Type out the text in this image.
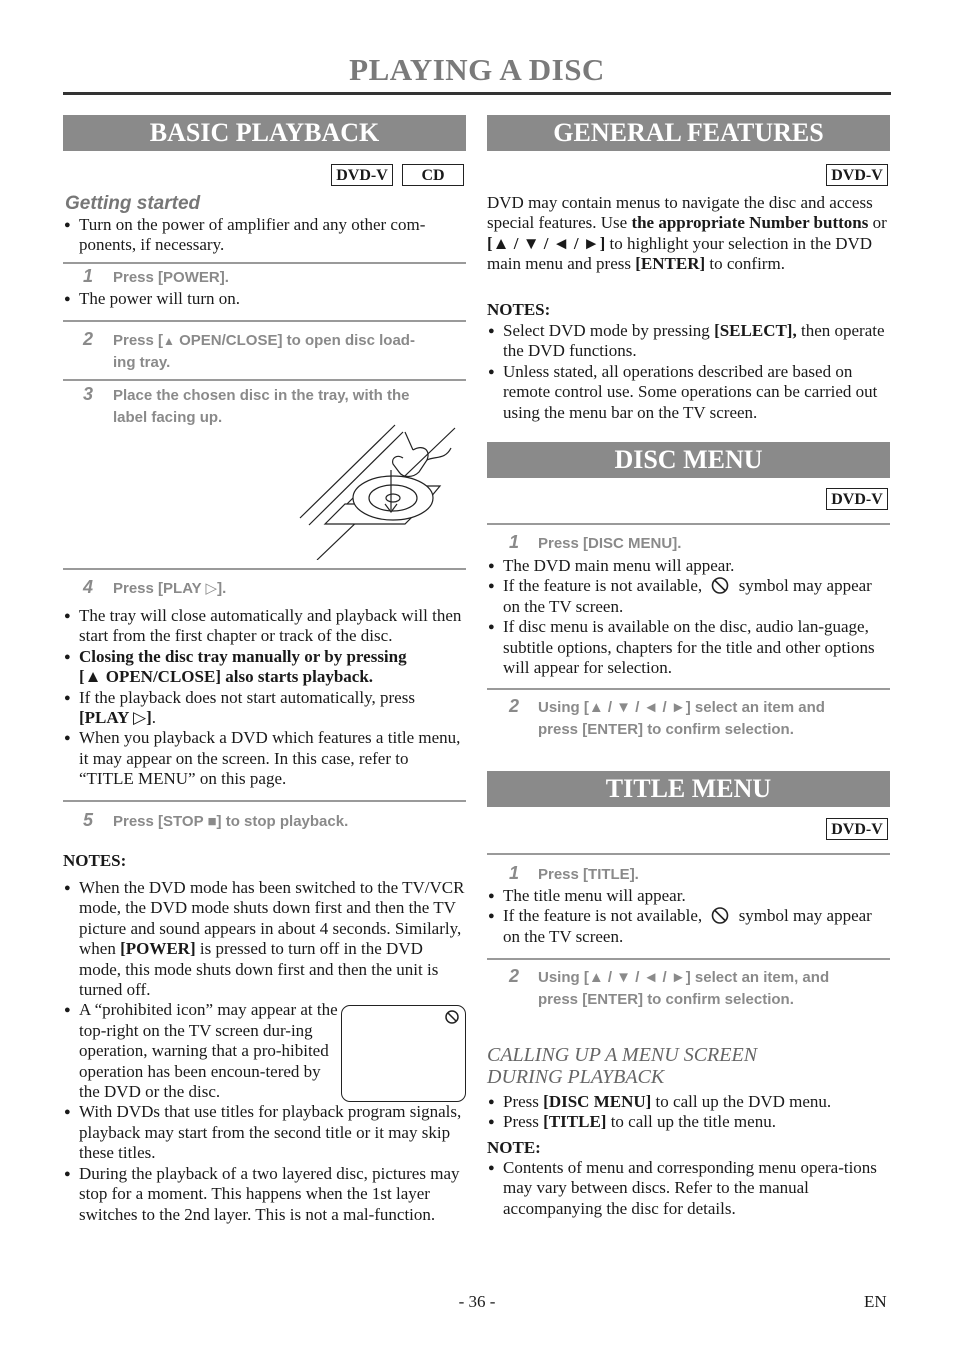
PLAYING A DISC
BASIC PLAYBACK
DVD-V	CD
Getting started

● Turn on the power of amplifier and any other com-ponents, if necessary.

1 Press [POWER].

● The power will turn on.

2 Press [▲ OPEN/CLOSE] to open disc load-
ing tray.
3 Place the chosen disc in the tray, with the
label facing up.
4 Press [PLAY ▷].

● The tray will close automatically and playback will then start from the first chapter or track of the disc.

● Closing the disc tray manually or by pressing
[▲ OPEN/CLOSE] also starts playback.

● If the playback does not start automatically, press
[PLAY ▷].

● When you playback a DVD which features a title menu, it may appear on the screen. In this case, refer to “TITLE MENU” on this page.

5 Press [STOP ■] to stop playback.
NOTES:

● When the DVD mode has been switched to the TV/VCR mode, the DVD mode shuts down first and then the TV picture and sound appears in about 4 seconds. Similarly, when [POWER] is pressed to turn off in the DVD mode, this mode shuts down first and then the unit is turned off.

● A “prohibited icon” may appear at the top-right on the TV screen dur-ing operation, warning that a pro-hibited operation has been encoun-tered by the DVD or the disc.

● With DVDs that use titles for playback program signals, playback may start from the second title or it may skip these titles.

● During the playback of a two layered disc, pictures may stop for a moment. This happens when the 1st layer switches to the 2nd layer. This is not a mal-function.

GENERAL FEATURES
DVD-V

DVD may contain menus to navigate the disc and access special features. Use the appropriate Number buttons or [▲ / ▼ / ◄ / ►] to highlight your selection in the DVD main menu and press [ENTER] to confirm.

NOTES:

● Select DVD mode by pressing [SELECT], then operate the DVD functions.

● Unless stated, all operations described are based on remote control use. Some operations can be carried out using the menu bar on the TV screen.

DISC MENU
DVD-V
1 Press [DISC MENU].

● The DVD main menu will appear.

● If the feature is not available, symbol may appear on the TV screen.

● If disc menu is available on the disc, audio lan-guage, subtitle options, chapters for the title and other options will appear for selection.

2 Using [▲ / ▼ / ◄ / ►] select an item and
press [ENTER] to confirm selection.
TITLE MENU
DVD-V
1 Press [TITLE].

● The title menu will appear.

● If the feature is not available, symbol may appear on the TV screen.

2 Using [▲ / ▼ / ◄ / ►] select an item, and
press [ENTER] to confirm selection.
CALLING UP A MENU SCREEN
DURING PLAYBACK

● Press [DISC MENU] to call up the DVD menu.

● Press [TITLE] to call up the title menu.

NOTE:

● Contents of menu and corresponding menu opera-tions may vary between discs. Refer to the manual accompanying the disc for details.

- 36 -	EN
